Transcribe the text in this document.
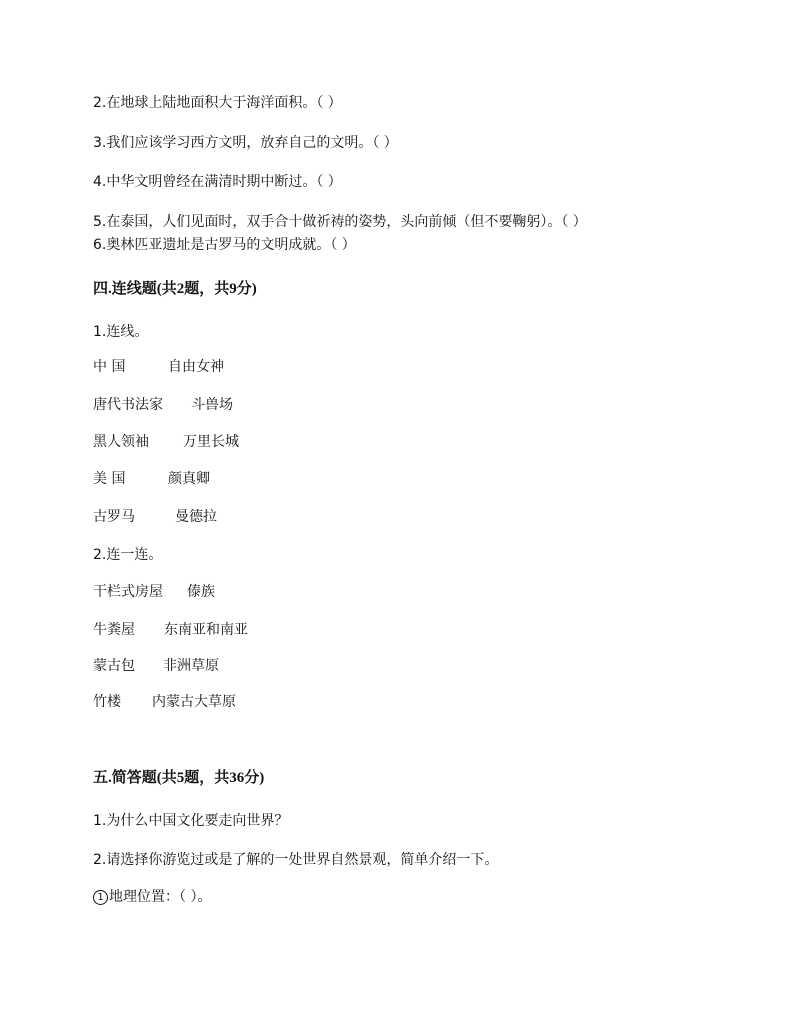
2.在地球上陆地面积大于海洋面积。（ ）
3.我们应该学习西方文明，放弃自己的文明。（ ）
4.中华文明曾经在满清时期中断过。（ ）
5.在泰国，人们见面时，双手合十做祈祷的姿势，头向前倾（但不要鞠躬）。（ ）
6.奥林匹亚遗址是古罗马的文明成就。（ ）
四.连线题(共2题，共9分)
1.连线。
中 国	自由女神
唐代书法家 斗兽场
黑人领袖 万里长城
美 国	颜真卿
古罗马	曼德拉
2.连一连。
干栏式房屋 傣族
牛粪屋 东南亚和南亚
蒙古包 非洲草原
竹楼 内蒙古大草原
五.简答题(共5题，共36分)
1.为什么中国文化要走向世界？
2.请选择你游览过或是了解的一处世界自然景观，简单介绍一下。
1 地理位置：（ ）。
